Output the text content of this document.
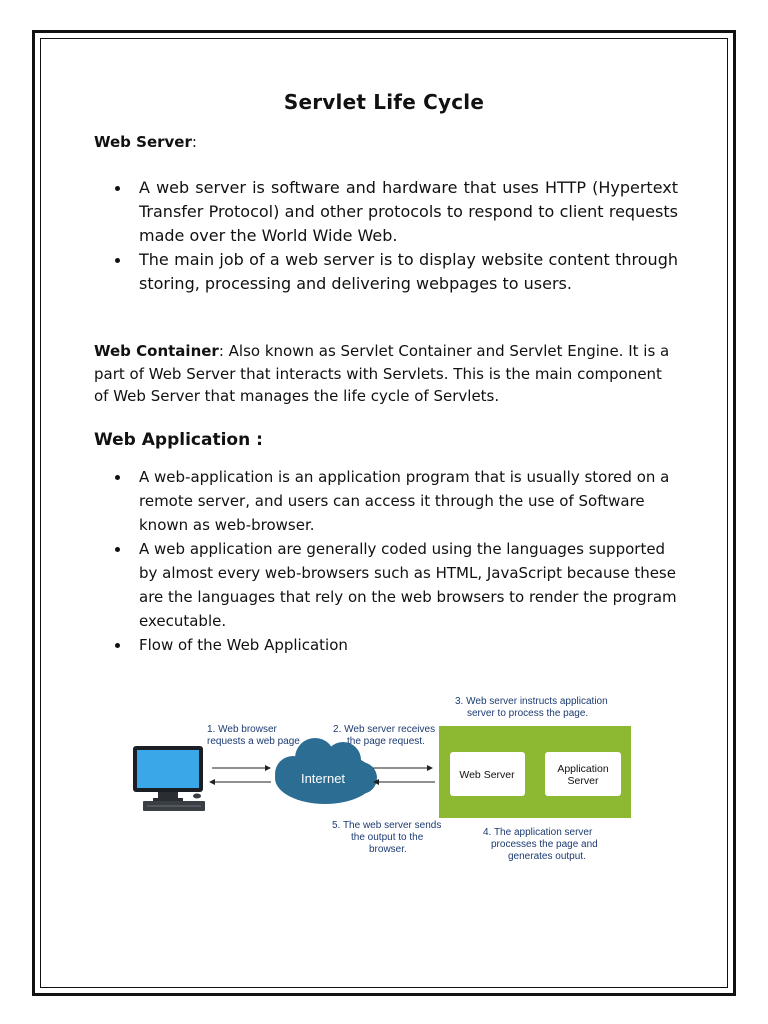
Servlet Life Cycle
Web Server:
A web server is software and hardware that uses HTTP (Hypertext Transfer Protocol) and other protocols to respond to client requests made over the World Wide Web.
The main job of a web server is to display website content through storing, processing and delivering webpages to users.
Web Container: Also known as Servlet Container and Servlet Engine. It is a part of Web Server that interacts with Servlets. This is the main component of Web Server that manages the life cycle of Servlets.
Web Application :
A web-application is an application program that is usually stored on a remote server, and users can access it through the use of Software known as web-browser.
A web application are generally coded using the languages supported by almost every web-browsers such as HTML, JavaScript because these are the languages that rely on the web browsers to render the program executable.
Flow of the Web Application
1. Web browser
requests a web page
Internet
2. Web server receives
the page request.
3. Web server instructs application
server to process the page.
Web Server	Application
Server
5. The web server sends
the output to the
browser.
4. The application server
processes the page and
generates output.
